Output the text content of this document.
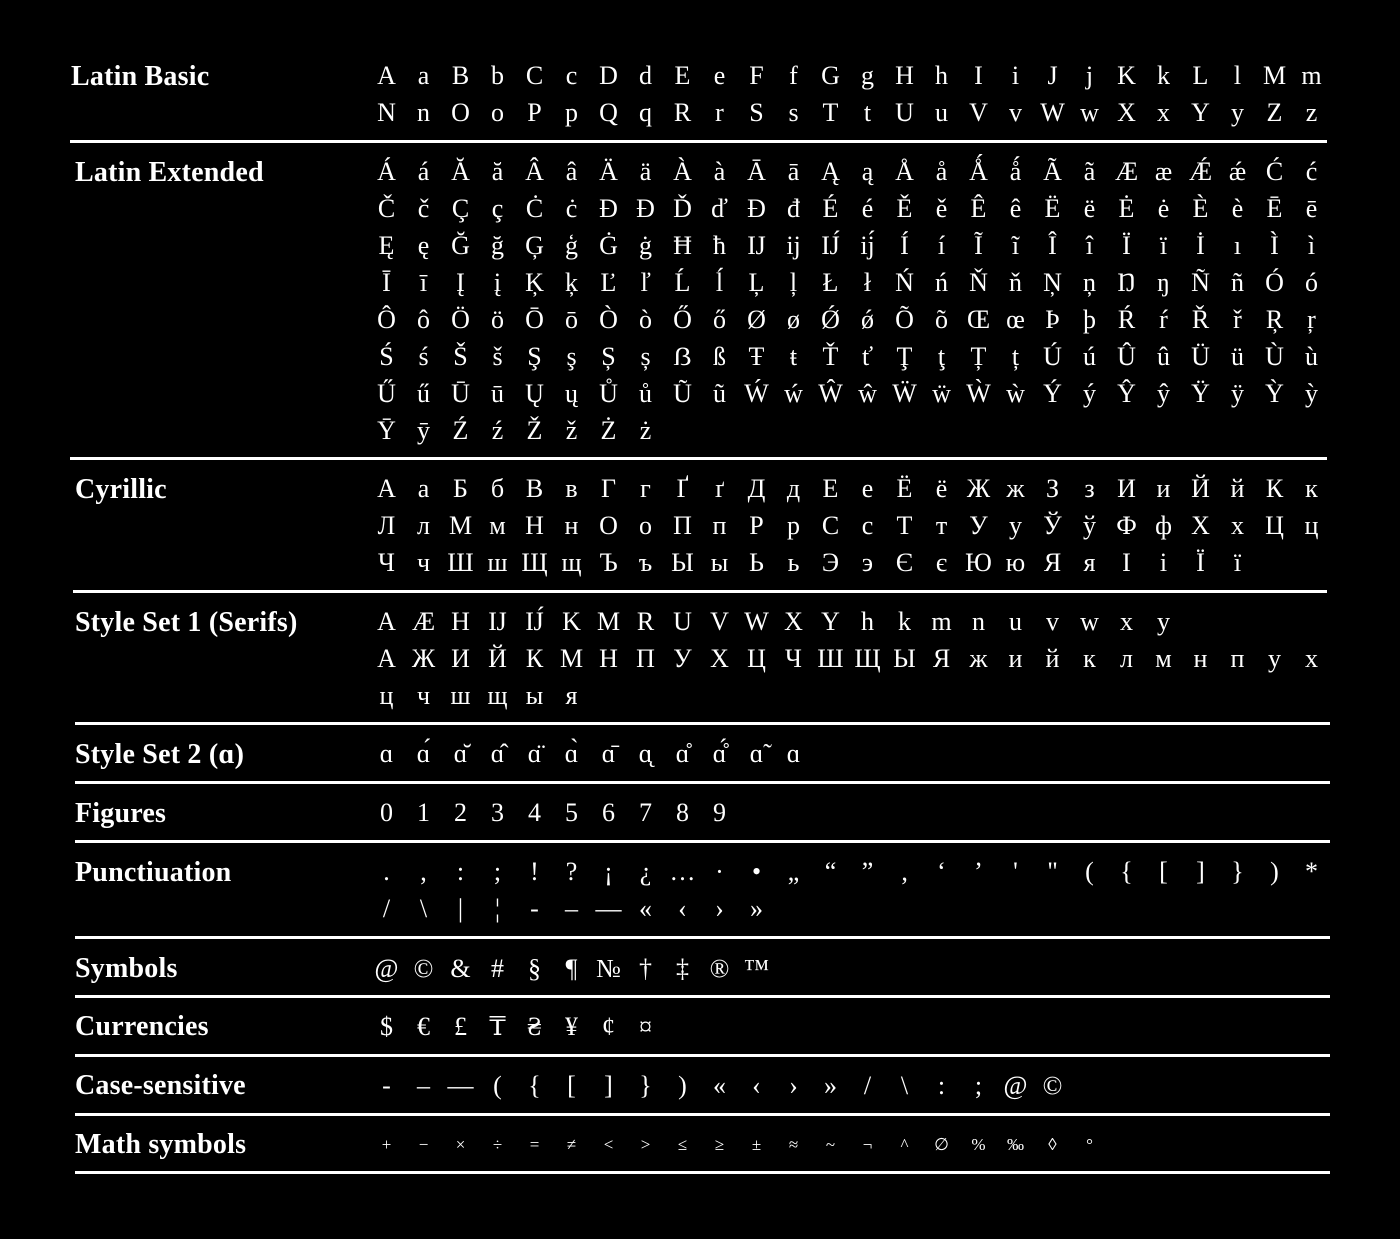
Latin Basic	A a B b C c D d E e F f G g H h	I	i	J	j K k L l M m
N n O o P p Q q R r S s T t U u V v W w X x Y y Z z
Latin Extended	Á á Ă ă Â â Ä ä À à Ā ā Ą ą Å å Ǻ ǻ Ã ã Æ æ Ǽ ǽ Ć ć
Č č Ç ç Ċ ċ Ð Đ Ď ď Đ đ É é Ě ě Ê ê Ë ë Ė ė È è Ē ē
Ę ę Ğ ğ Ģ ģ Ġ ġ Ħ ħ Ĳ ĳ Ĳ́ ĳ́ Í	í	Ĩ	ĩ	Î	î	Ï	ï	İ	ı	Ì	ì
Ī	ī	Į	į Ķ ķ Ľ ľ Ĺ ĺ Ļ ļ Ł ł Ń ń Ň ň Ņ ņ Ŋ ŋ Ñ ñ Ó ó
Ô ô Ö ö Ō ō Ò ò Ő ő Ø ø Ǿ ǿ Õ õ Œ œ Þ þ Ŕ ŕ Ř ř Ŗ ŗ
Ś ś Š š Ş ş Ș ș ẞ ß Ŧ ŧ Ť ť Ţ ţ Ț ț Ú ú Û û Ü ü Ù ù
Ű ű Ū ū Ų ų Ů ů Ũ ũ Ẃ ẃ Ŵ ŵ Ẅ ẅ Ẁ ẁ Ý ý Ŷ ŷ Ÿ ÿ Ỳ ỳ
Ȳ ȳ Ź ź Ž ž Ż ż
Cyrillic	А а Б б В в Г г Ґ	ґ Д д Е е Ё ё Ж ж З з И и Й й К к
Л л М м Н н О о П п Р р С с Т т У у Ў ў Ф ф Х х Ц ц
Ч ч Ш ш Щ щ Ъ ъ Ы ы Ь ь Э э Є є Ю ю Я я	І	і	Ї	ї
Style Set 1 (Serifs)	A Æ H Ĳ Ĳ́ K M R U V W X Y h k m n u v w x y
А Ж И Й К М Н П У Х Ц Ч Ш Щ Ы Я ж и й к л м н п у х
ц ч ш щ ы я
Style Set 2 (ɑ)	ɑ ɑ́ ɑ̆ ɑ̂ ɑ̈ ɑ̀ ɑ̄ ɑ̨ ɑ̊ ɑ̊́ ɑ̃ ɑ
Figures	0 1 2 3 4 5 6 7 8 9
Punctiuation	.	,	:	;	!	?	¡	¿ … ·	•	„ “ ”	‚	‘	’	'	"	(	{	[	]	}	)	*
/	\	|	¦	-	– — «	‹	›	»
Symbols	@ © & # § ¶ № † ‡ ® ™
Currencies	$ € £ ₸ ₴ ¥ ¢ ¤
Case-sensitive	-	– — (	{	[	]	}	)	«	‹	›	»	/	\	:	; @ ©
Math symbols	+	−	×	÷	=	≠	<	>	≤	≥	±	≈	~	¬	^	∅	%	‰	◊	°
